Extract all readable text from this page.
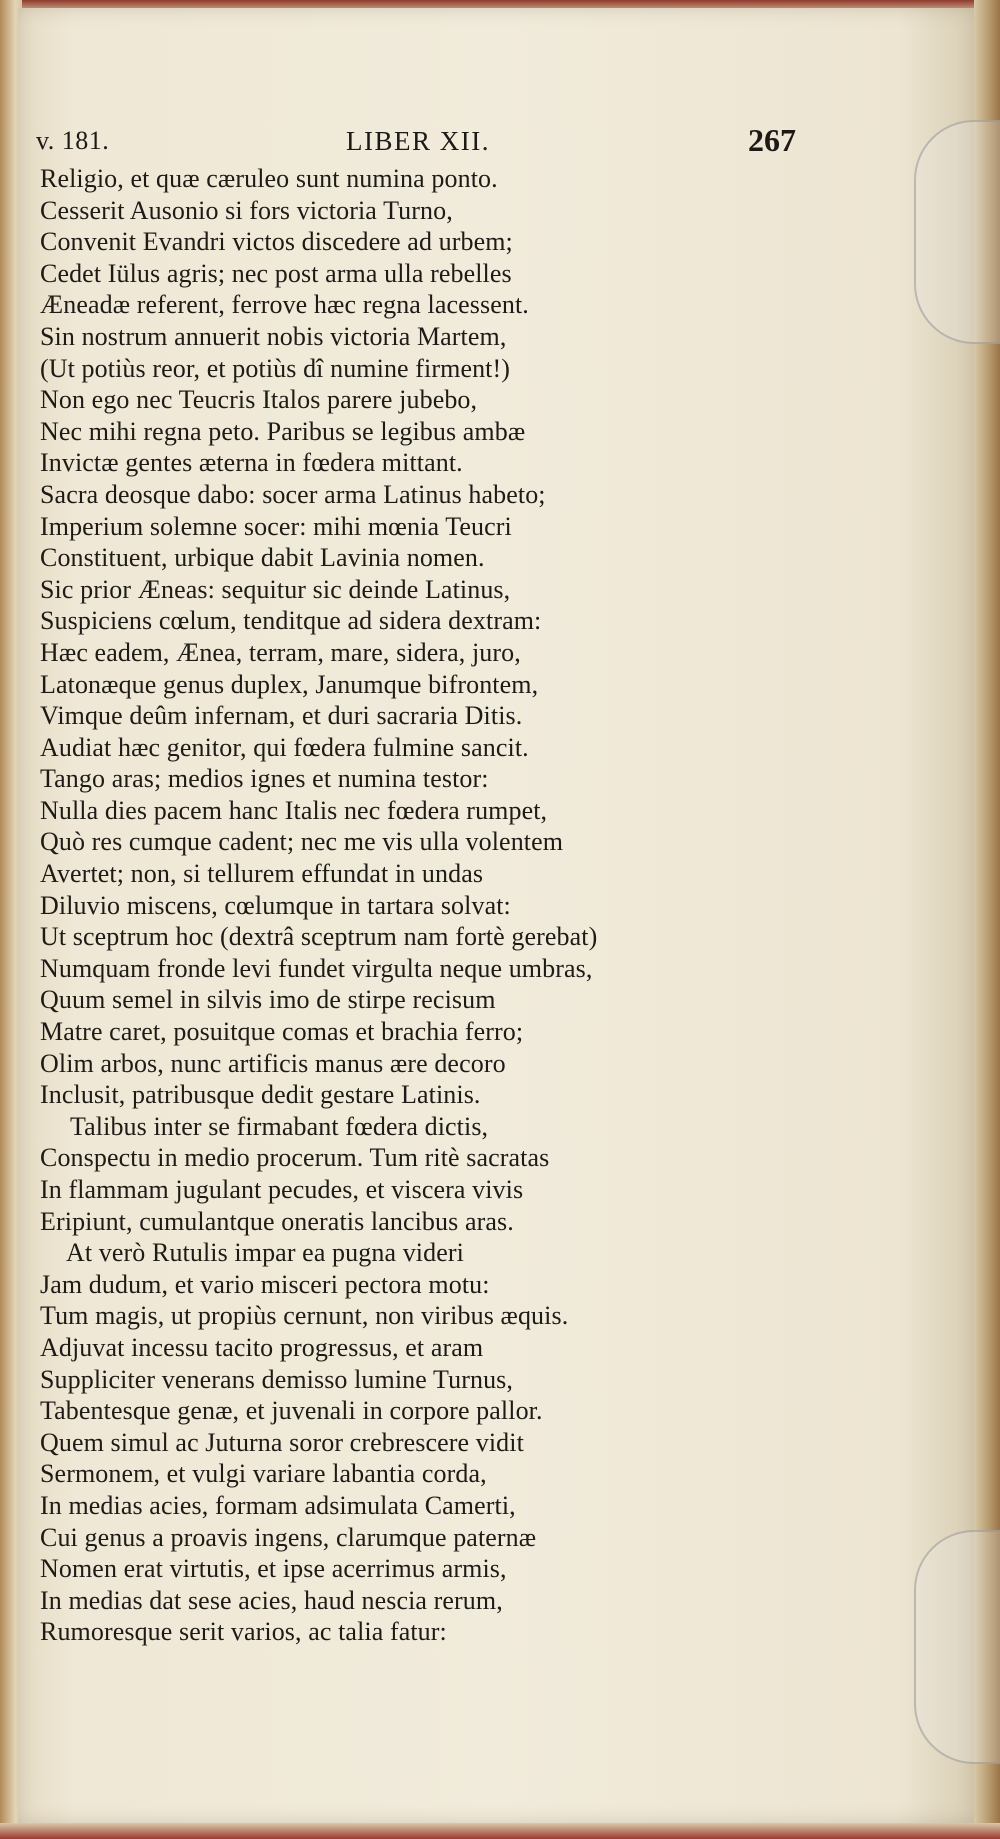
v. 181.	LIBER XII.	267
Religio, et quæ cæruleo sunt numina ponto.
Cesserit Ausonio si fors victoria Turno,
Convenit Evandri victos discedere ad urbem;
Cedet Iülus agris; nec post arma ulla rebelles
Æneadæ referent, ferrove hæc regna lacessent.
Sin nostrum annuerit nobis victoria Martem,
(Ut potiùs reor, et potiùs dî numine firment!)
Non ego nec Teucris Italos parere jubebo,
Nec mihi regna peto. Paribus se legibus ambæ
Invictæ gentes æterna in fœdera mittant.
Sacra deosque dabo: socer arma Latinus habeto;
Imperium solemne socer: mihi mœnia Teucri
Constituent, urbique dabit Lavinia nomen.
Sic prior Æneas: sequitur sic deinde Latinus,
Suspiciens cœlum, tenditque ad sidera dextram:
Hæc eadem, Ænea, terram, mare, sidera, juro,
Latonæque genus duplex, Janumque bifrontem,
Vimque deûm infernam, et duri sacraria Ditis.
Audiat hæc genitor, qui fœdera fulmine sancit.
Tango aras; medios ignes et numina testor:
Nulla dies pacem hanc Italis nec fœdera rumpet,
Quò res cumque cadent; nec me vis ulla volentem
Avertet; non, si tellurem effundat in undas
Diluvio miscens, cœlumque in tartara solvat:
Ut sceptrum hoc (dextrâ sceptrum nam fortè gerebat)
Numquam fronde levi fundet virgulta neque umbras,
Quum semel in silvis imo de stirpe recisum
Matre caret, posuitque comas et brachia ferro;
Olim arbos, nunc artificis manus ære decoro
Inclusit, patribusque dedit gestare Latinis.
Talibus inter se firmabant fœdera dictis,
Conspectu in medio procerum. Tum ritè sacratas
In flammam jugulant pecudes, et viscera vivis
Eripiunt, cumulantque oneratis lancibus aras.
At verò Rutulis impar ea pugna videri
Jam dudum, et vario misceri pectora motu:
Tum magis, ut propiùs cernunt, non viribus æquis.
Adjuvat incessu tacito progressus, et aram
Suppliciter venerans demisso lumine Turnus,
Tabentesque genæ, et juvenali in corpore pallor.
Quem simul ac Juturna soror crebrescere vidit
Sermonem, et vulgi variare labantia corda,
In medias acies, formam adsimulata Camerti,
Cui genus a proavis ingens, clarumque paternæ
Nomen erat virtutis, et ipse acerrimus armis,
In medias dat sese acies, haud nescia rerum,
Rumoresque serit varios, ac talia fatur:
